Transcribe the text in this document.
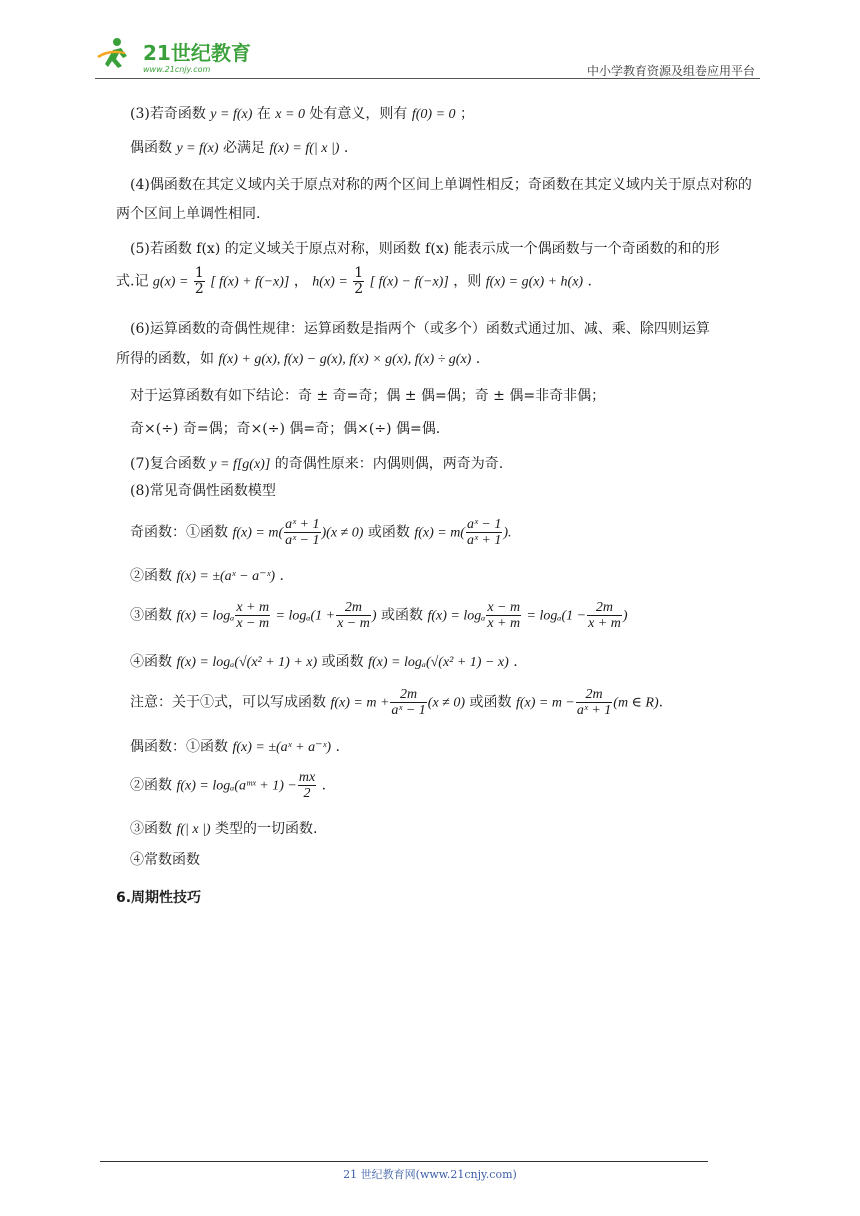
21世纪教育
www.21cnjy.com	中小学教育资源及组卷应用平台
(3)若奇函数 y = f(x) 在 x = 0 处有意义，则有 f(0) = 0 ；
偶函数 y = f(x) 必满足 f(x) = f(| x |) .
(4)偶函数在其定义域内关于原点对称的两个区间上单调性相反；奇函数在其定义域内关于原点对称的两个区间上单调性相同.
(5)若函数 f(x) 的定义域关于原点对称，则函数 f(x) 能表示成一个偶函数与一个奇函数的和的形
式.记 $g(x) = \frac{1}{2}$ [ f(x) + f(−x)] ， $h(x) = \frac{1}{2}$ [ f(x) − f(−x)] ，则 f(x) = g(x) + h(x) .
(6)运算函数的奇偶性规律：运算函数是指两个（或多个）函数式通过加、减、乘、除四则运算
所得的函数，如 f(x) + g(x), f(x) − g(x), f(x) × g(x), f(x) ÷ g(x) .
对于运算函数有如下结论：奇 ± 奇=奇；偶 ± 偶=偶；奇 ± 偶=非奇非偶；
奇×(÷) 奇=偶；奇×(÷) 偶=奇；偶×(÷) 偶=偶.
(7)复合函数 y = f[g(x)] 的奇偶性原来：内偶则偶，两奇为奇.
(8)常见奇偶性函数模型
奇函数：①函数 $f(x) = m( \frac{\text{aˣ + 1}}{\text{aˣ − 1}} )(x \ne 0)$ 或函数 $f(x) = m( \frac{\text{aˣ − 1}}{\text{aˣ + 1}}$ ).
②函数 f(x) = ±(aˣ − a⁻ˣ) .
③函数 f(x) = logₐ $\frac{x + m}{x - m} = \log_a(1 + \frac{2m}{x - m}$ ) 或函数 f(x) = logₐ $\frac{x - m}{x + m} = \log_a(1 - \frac{2m}{x + m}$ )
④函数 f(x) = logₐ(√(x² + 1) + x) 或函数 f(x) = logₐ(√(x² + 1) − x) .
注意：关于①式，可以写成函数 $f(x) = m + \frac{2m}{\text{aˣ − 1}} (x \ne 0)$ 或函数 $f(x) = m - \frac{2m}{\text{aˣ + 1}} (m$ ∈ R).
偶函数：①函数 f(x) = ±(aˣ + a⁻ˣ) .
②函数 f(x) = logₐ(aᵐˣ + $1) - \frac{mx}{2}$ .
③函数 f(| x |) 类型的一切函数.
④常数函数
6.周期性技巧
21 世纪教育网(www.21cnjy.com)
